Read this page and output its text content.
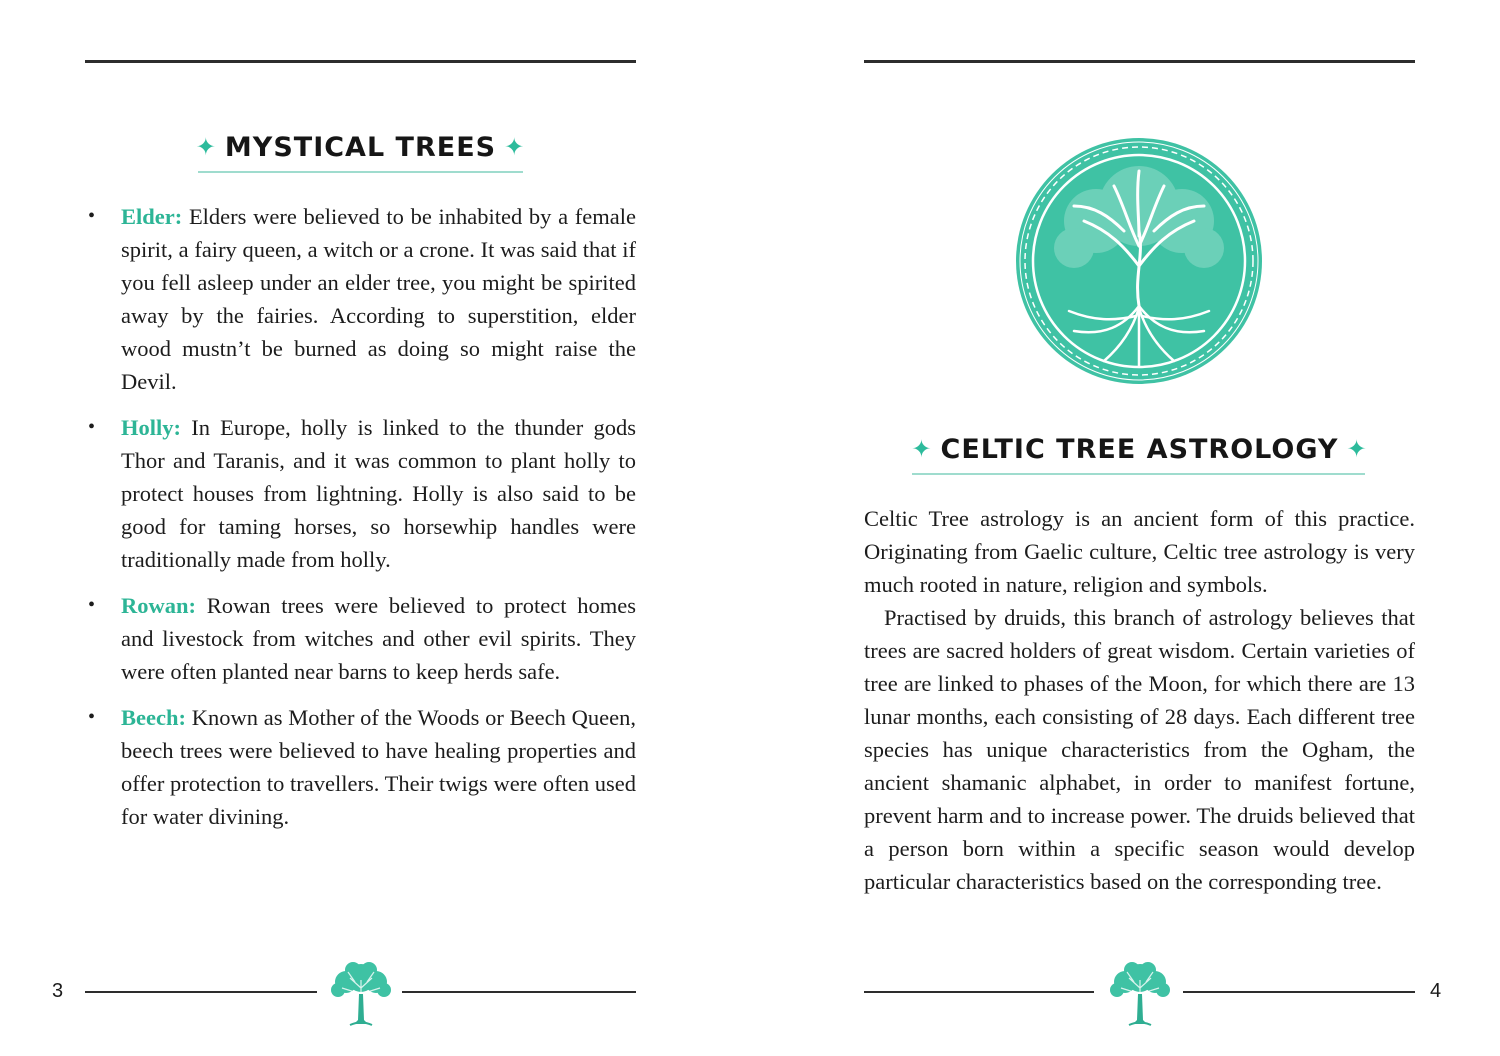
✦ MYSTICAL TREES ✦
• Elder: Elders were believed to be inhabited by a female spirit, a fairy queen, a witch or a crone. It was said that if you fell asleep under an elder tree, you might be spirited away by the fairies. According to superstition, elder wood mustn’t be burned as doing so might raise the Devil.
• Holly: In Europe, holly is linked to the thunder gods Thor and Taranis, and it was common to plant holly to protect houses from lightning. Holly is also said to be good for taming horses, so horsewhip handles were traditionally made from holly.
• Rowan: Rowan trees were believed to protect homes and livestock from witches and other evil spirits. They were often planted near barns to keep herds safe.
• Beech: Known as Mother of the Woods or Beech Queen, beech trees were believed to have healing properties and offer protection to travellers. Their twigs were often used for water divining.
3
✦ CELTIC TREE ASTROLOGY ✦

Celtic Tree astrology is an ancient form of this practice. Originating from Gaelic culture, Celtic tree astrology is very much rooted in nature, religion and symbols.

Practised by druids, this branch of astrology believes that trees are sacred holders of great wisdom. Certain varieties of tree are linked to phases of the Moon, for which there are 13 lunar months, each consisting of 28 days. Each different tree species has unique characteristics from the Ogham, the ancient shamanic alphabet, in order to manifest fortune, prevent harm and to increase power. The druids believed that a person born within a specific season would develop particular characteristics based on the corresponding tree.

4
